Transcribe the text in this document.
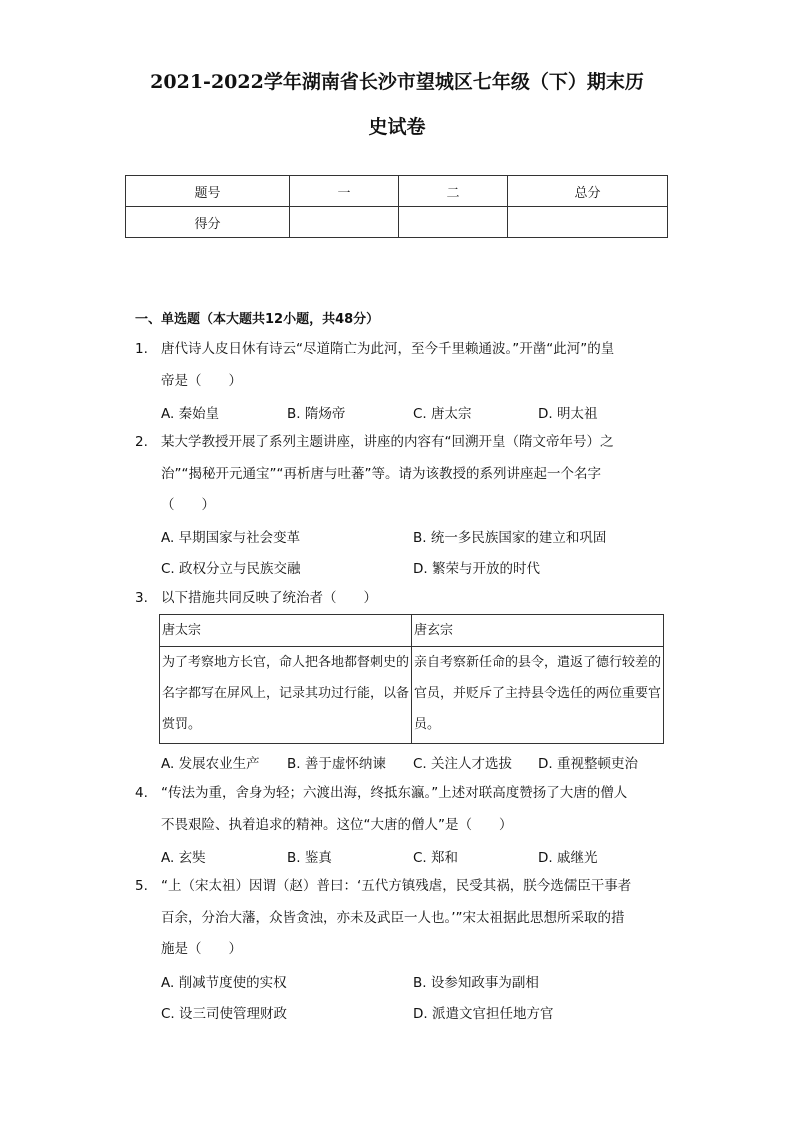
2021-2022学年湖南省长沙市望城区七年级（下）期末历
史试卷
题号	一	二	总分
得分			
一、单选题（本大题共12小题，共48分）
1. 唐代诗人皮日休有诗云“尽道隋亡为此河，至今千里赖通波。”开凿“此河”的皇
帝是（　　）
A. 秦始皇	B. 隋炀帝	C. 唐太宗	D. 明太祖
2. 某大学教授开展了系列主题讲座，讲座的内容有“回溯开皇（隋文帝年号）之
治”“揭秘开元通宝”“再析唐与吐蕃”等。请为该教授的系列讲座起一个名字
（　　）
A. 早期国家与社会变革	B. 统一多民族国家的建立和巩固
C. 政权分立与民族交融	D. 繁荣与开放的时代
3. 以下措施共同反映了统治者（　　）
唐太宗	唐玄宗
为了考察地方长官，命人把各地都督刺史的名字都写在屏风上，记录其功过行能，以备赏罚。	亲自考察新任命的县令，遣返了德行较差的官员，并贬斥了主持县令选任的两位重要官员。
A. 发展农业生产 B. 善于虚怀纳谏 C. 关注人才选拔 D. 重视整顿吏治
4. “传法为重，舍身为轻；六渡出海，终抵东瀛。”上述对联高度赞扬了大唐的僧人
不畏艰险、执着追求的精神。这位“大唐的僧人”是（　　）
A. 玄奘	B. 鉴真	C. 郑和	D. 戚继光
5. “上（宋太祖）因谓（赵）普曰：‘五代方镇残虐，民受其祸，朕今选儒臣干事者
百余，分治大藩，众皆贪浊，亦未及武臣一人也。’”宋太祖据此思想所采取的措
施是（　　）
A. 削减节度使的实权	B. 设参知政事为副相
C. 设三司使管理财政	D. 派遣文官担任地方官
